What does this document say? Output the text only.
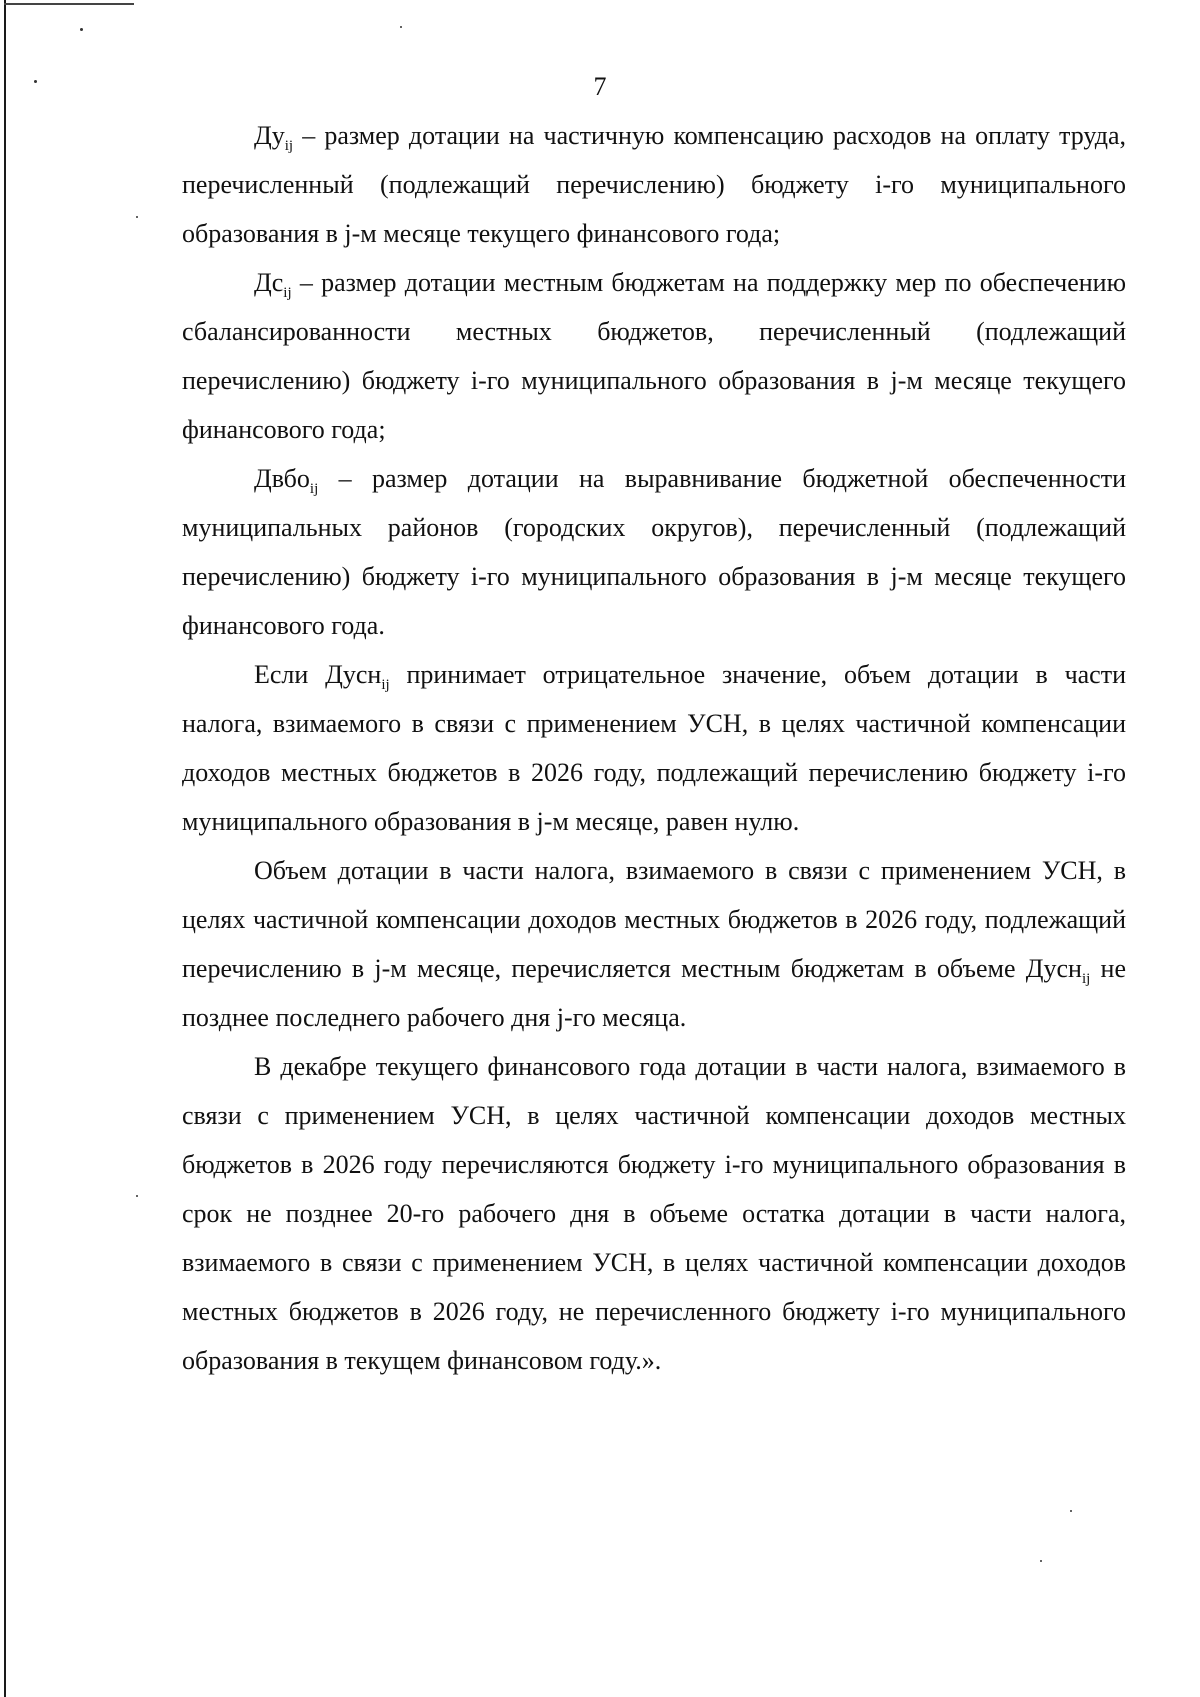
7

$Ду_{ij}$ – размер дотации на частичную компенсацию расходов на оплату труда, перечисленный (подлежащий перечислению) бюджету i-го муниципального образования в j-м месяце текущего финансового года;

$Дс_{ij}$ – размер дотации местным бюджетам на поддержку мер по обеспечению сбалансированности местных бюджетов, перечисленный (подлежащий перечислению) бюджету i-го муниципального образования в j-м месяце текущего финансового года;

Двбо$_{ij}$ – размер дотации на выравнивание бюджетной обеспеченности муниципальных районов (городских округов), перечисленный (подлежащий перечислению) бюджету i-го муниципального образования в j-м месяце текущего финансового года.

Если Дусн$_{ij}$ принимает отрицательное значение, объем дотации в части налога, взимаемого в связи с применением УСН, в целях частичной компенсации доходов местных бюджетов в 2026 году, подлежащий перечислению бюджету i-го муниципального образования в j-м месяце, равен нулю.

Объем дотации в части налога, взимаемого в связи с применением УСН, в целях частичной компенсации доходов местных бюджетов в 2026 году, подлежащий перечислению в j-м месяце, перечисляется местным бюджетам в объеме Дусн$_{ij}$ не позднее последнего рабочего дня j-го месяца.

В декабре текущего финансового года дотации в части налога, взимаемого в связи с применением УСН, в целях частичной компенсации доходов местных бюджетов в 2026 году перечисляются бюджету i-го муниципального образования в срок не позднее 20-го рабочего дня в объеме остатка дотации в части налога, взимаемого в связи с применением УСН, в целях частичной компенсации доходов местных бюджетов в 2026 году, не перечисленного бюджету i-го муниципального образования в текущем финансовом году.».
